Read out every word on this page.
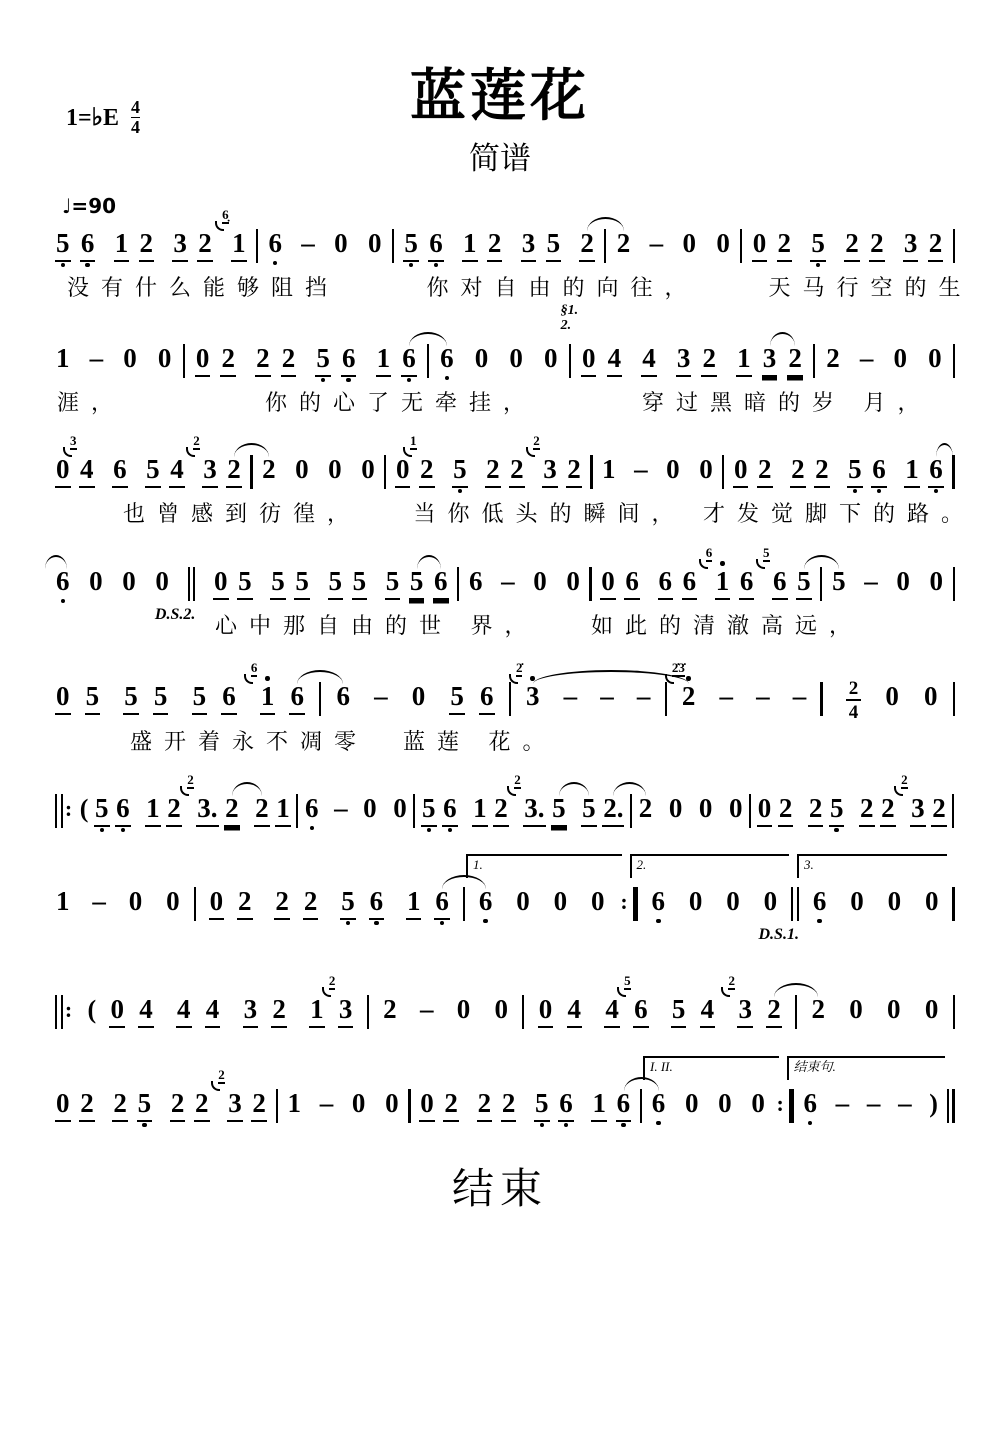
蓝莲花
简谱
1=♭E $\frac{4}{4}$
♩=90
5 6 1 2 3 2 1
6̣
6 – 0 0 5 6 1 2 3 5 2 2 – 0 0 0 2 5 2 2 3 2
没有什么能够阻挡     你对自由的向往，    天马行空的生
1 – 0 0 0 2 2 2 5 6 1 6 6 0 0 0
§1.
2.
0 4 4 3 2 1 3 2 2 – 0 0
涯，        你的心了无牵挂，      穿过黑暗的岁 月，
0 4
3
6 5 4 3
2
2 2 0 0 0 0 2
1
5 2 2 3
2
2 1 – 0 0 0 2 2 2 5 6 1 6
也曾感到彷徨，   当你低头的瞬间， 才发觉脚下的路。
6 0 0 0
D.S.2.
0 5 5 5 5 5 5 5 6 6 – 0 0 0 6 6 6 1
6
6 6
5
5 5 – 0 0
心中那自由的世 界，   如此的清澈高远，
0 5 5 5 5 6 1
6
6 6 – 0 5 6 3
2̇
– – – 2
2̇3̇
– – – 2
4
0 0
盛开着永不凋零  蓝莲 花。
: ( 5 6 1 2 3.
2
2 2 1 6 – 0 0 5 6 1 2 3.
2
5 5 2. 2 0 0 0 0 2 2 5 2 2 3
2
2
1 – 0 0 0 2 2 2 5 6 1 6 6 0 0 0 : 6 0 0 0
D.S.1.
6 0 0 0
1.	2.	3.
: ( 0 4 4 4 3 2 1 3
2
2 – 0 0 0 4 4 6
5
5 4 3
2
2 2 0 0 0
0 2 2 5 2 2 3
2
2 1 – 0 0 0 2 2 2 5 6 1 6 6 0 0 0 : 6 – – – )
I. II.	结束句.
结束
